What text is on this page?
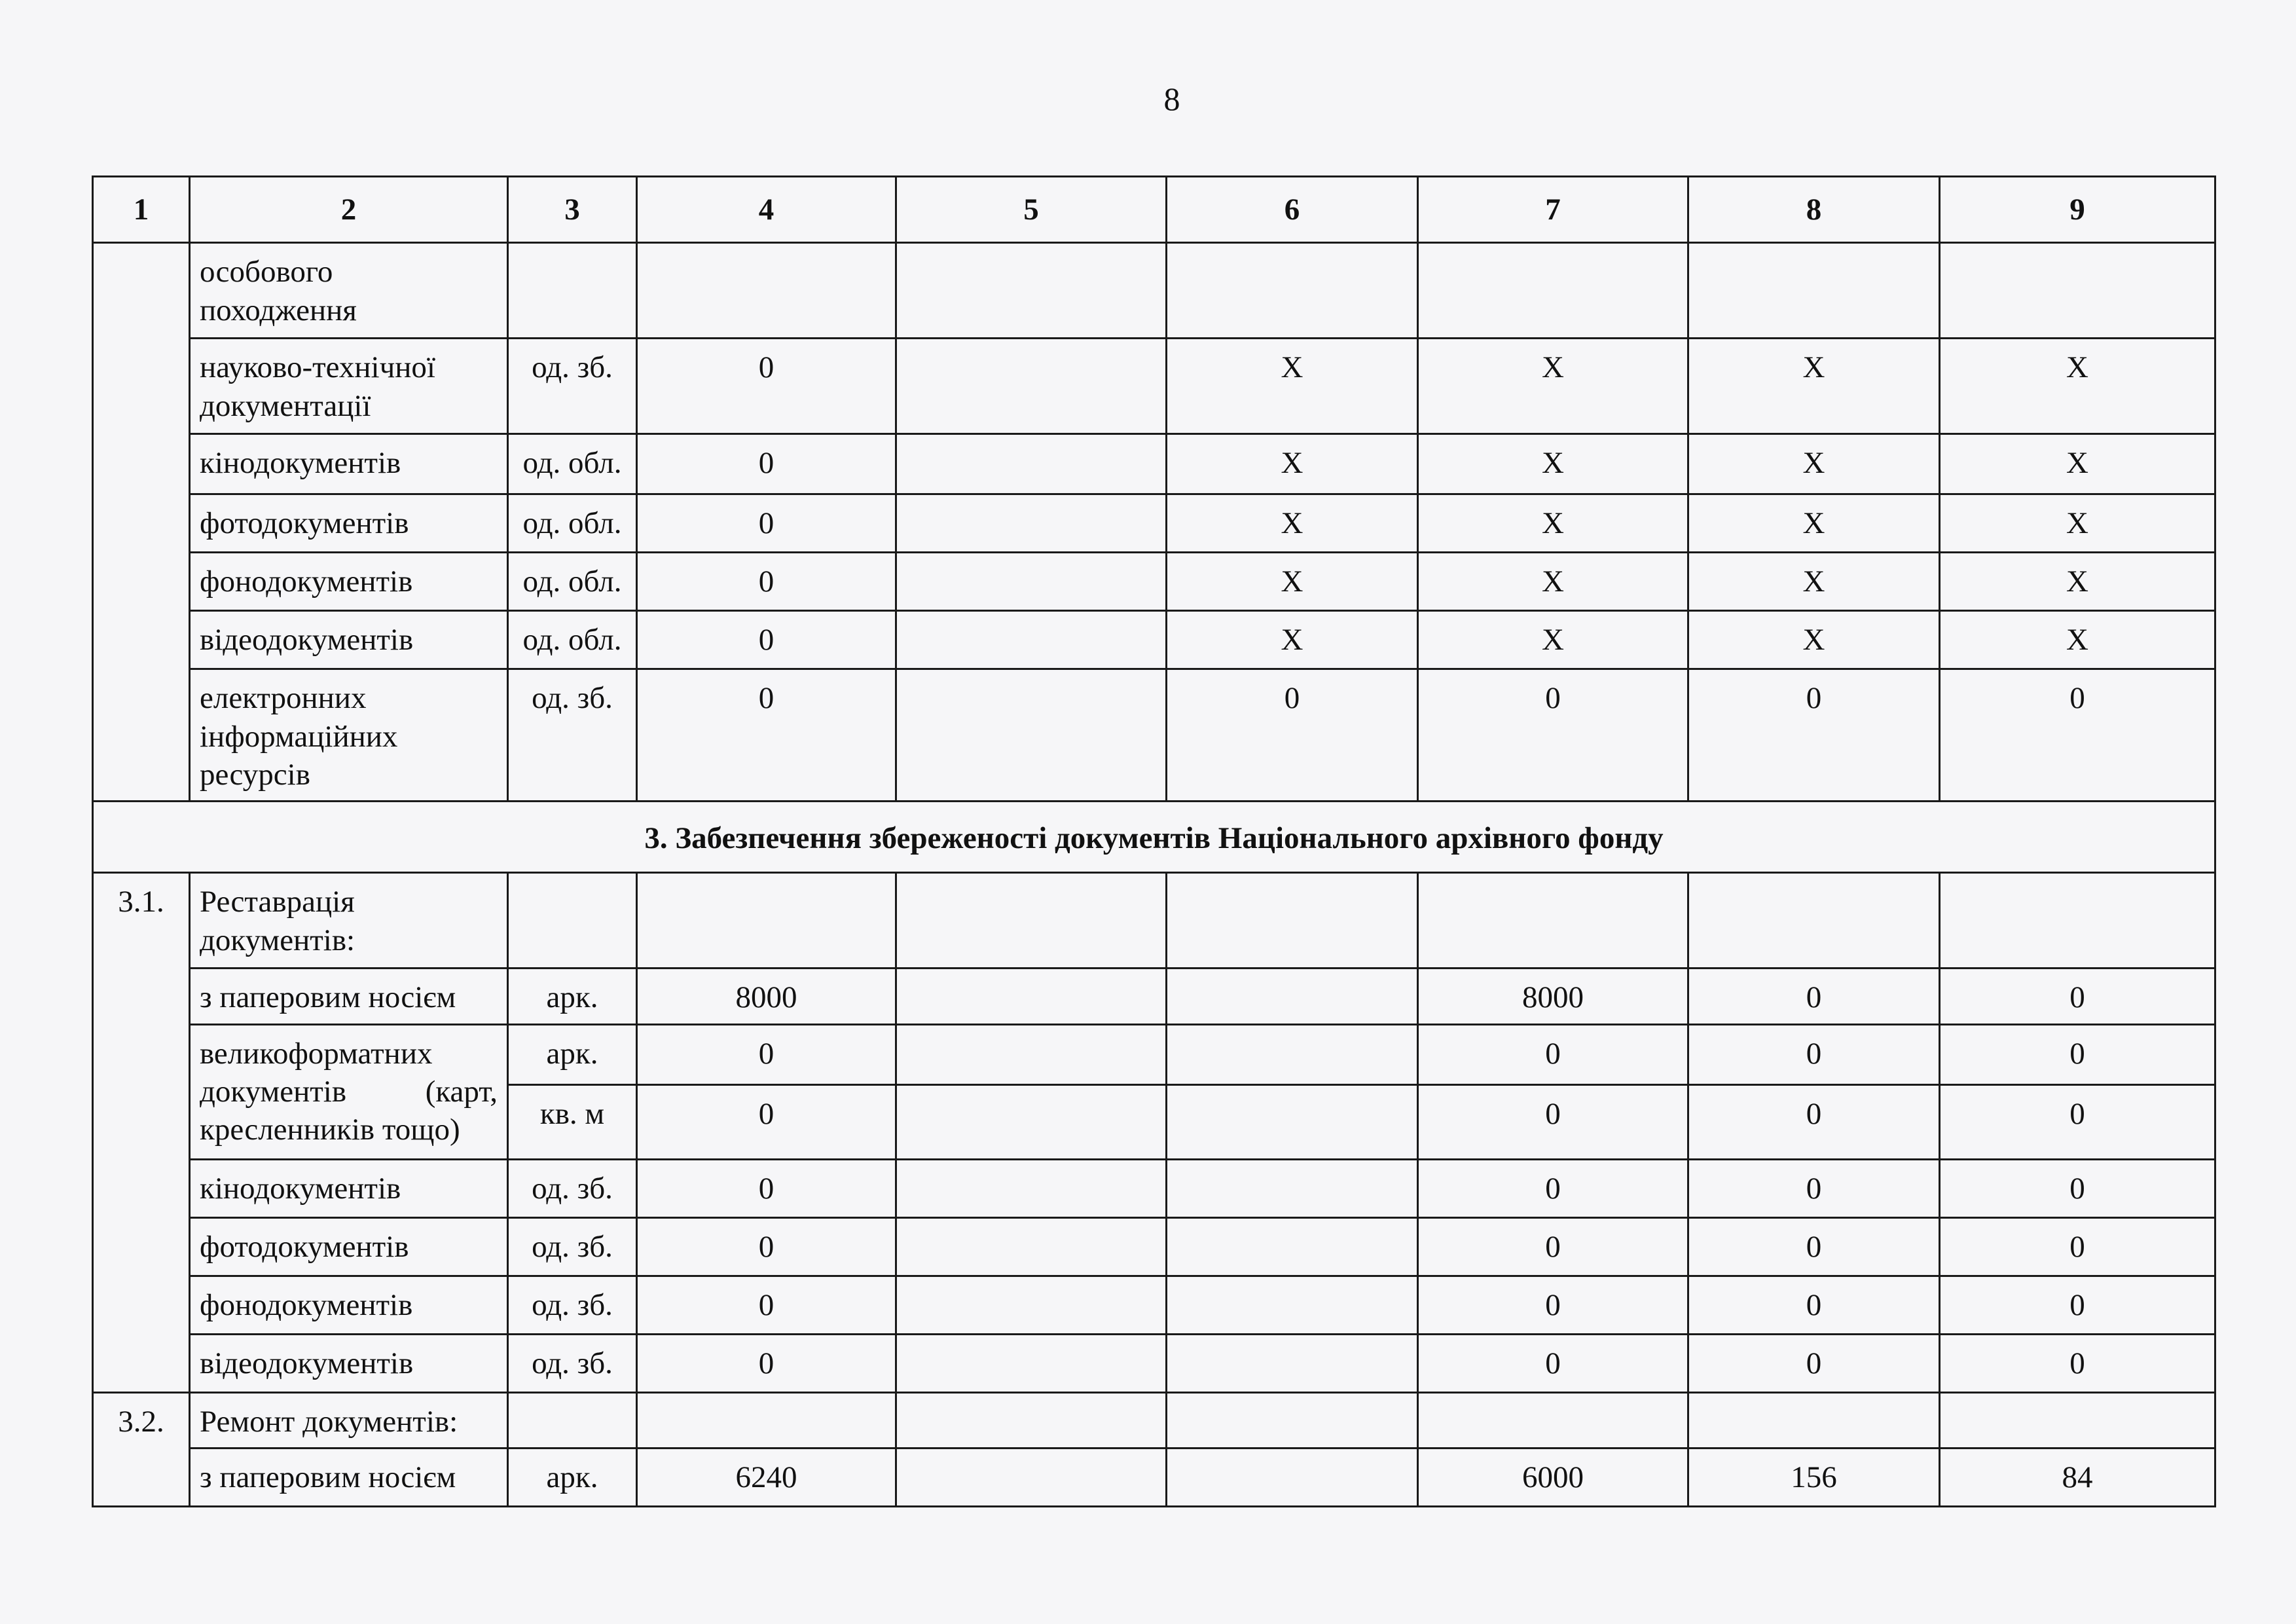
8
1	2	3	4	5	6	7	8	9
	особового походження							
	науково-технічної документації	од. зб.	0		Х	Х	Х	Х
	кінодокументів	од. обл.	0		Х	Х	Х	Х
	фотодокументів	од. обл.	0		Х	Х	Х	Х
	фонодокументів	од. обл.	0		Х	Х	Х	Х
	відеодокументів	од. обл.	0		Х	Х	Х	Х
	електронних інформаційних ресурсів	од. зб.	0		0	0	0	0
3. Забезпечення збереженості документів Національного архівного фонду								
3.1.	Реставрація документів:							
	з паперовим носієм	арк.	8000			8000	0	0
	великоформатних документів (карт, кресленників тощо)	арк.	0			0	0	0
		кв. м	0			0	0	0
	кінодокументів	од. зб.	0			0	0	0
	фотодокументів	од. зб.	0			0	0	0
	фонодокументів	од. зб.	0			0	0	0
	відеодокументів	од. зб.	0			0	0	0
3.2.	Ремонт документів:							
	з паперовим носієм	арк.	6240			6000	156	84
